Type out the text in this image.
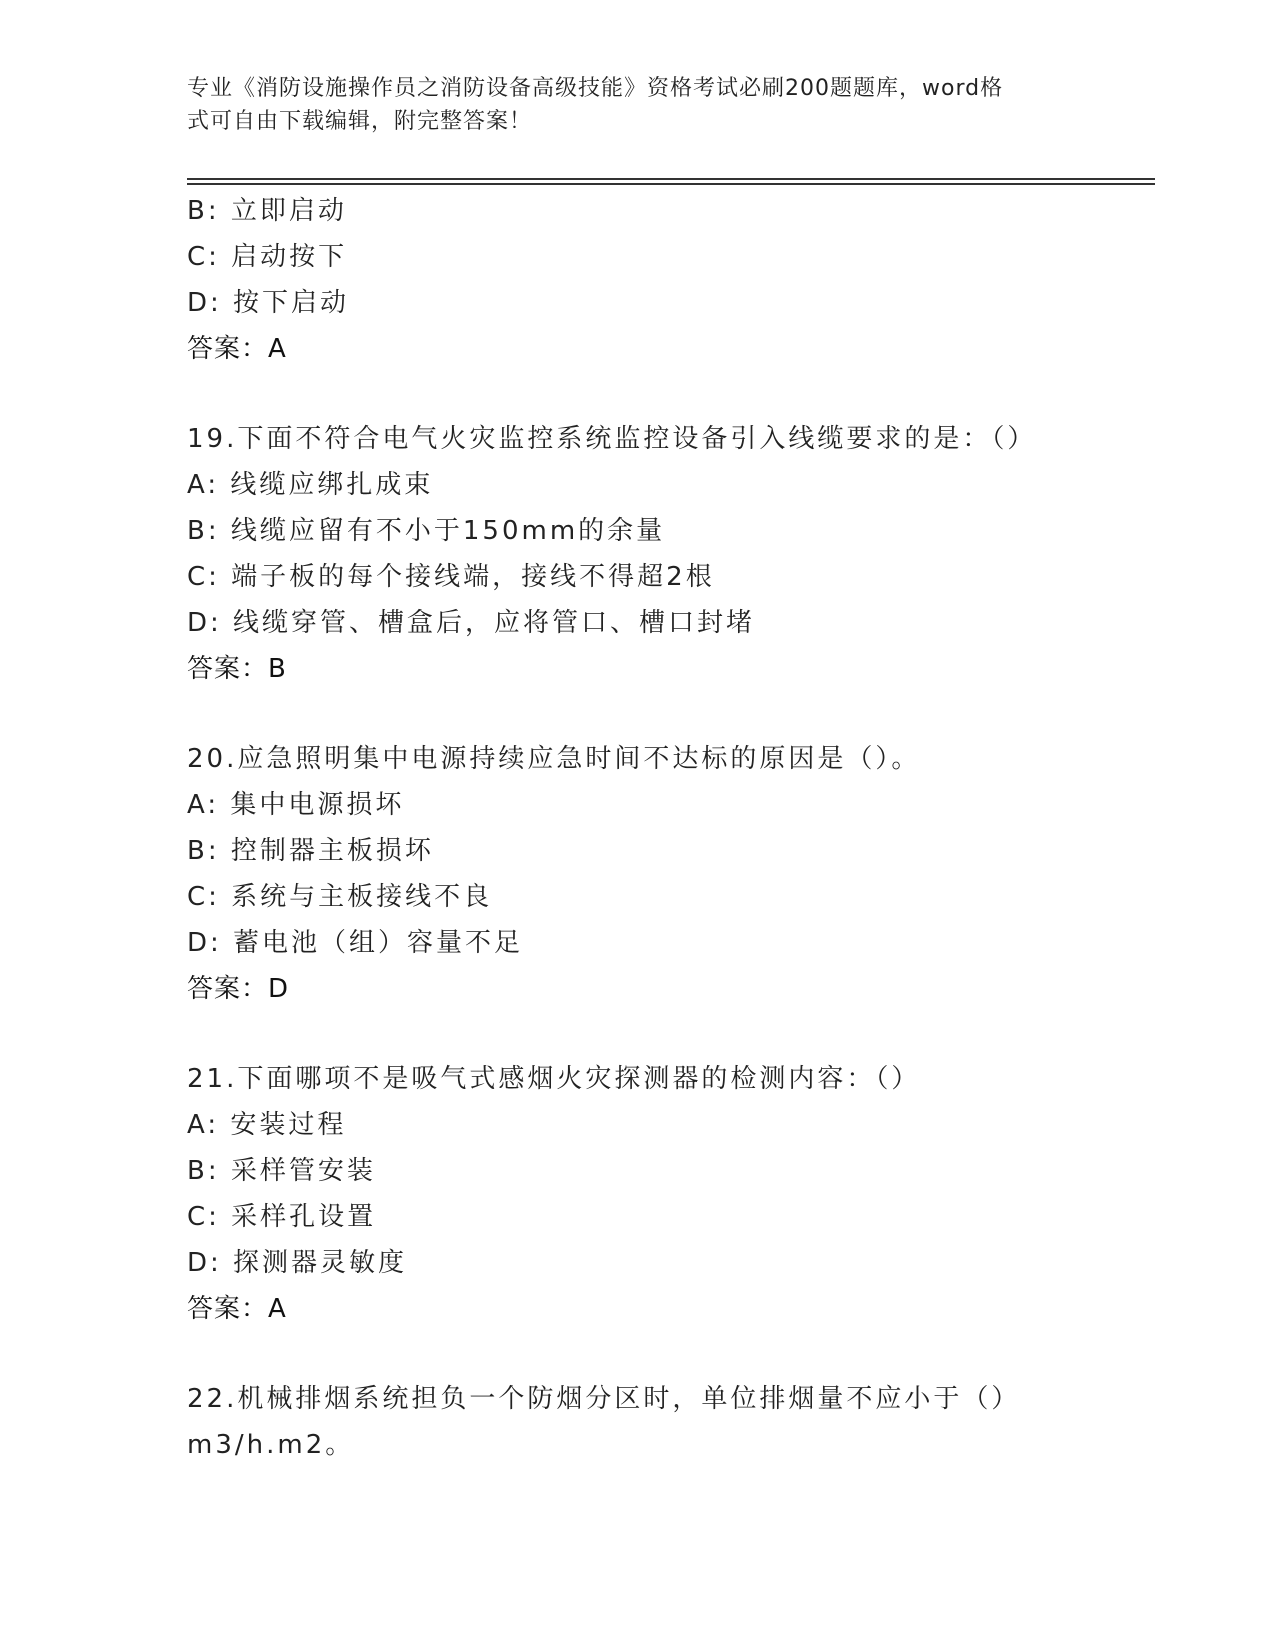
专业《消防设施操作员之消防设备高级技能》资格考试必刷200题题库，word格
式可自由下载编辑，附完整答案！
B: 立即启动
C: 启动按下
D: 按下启动
答案：A
19.下面不符合电气火灾监控系统监控设备引入线缆要求的是：（）
A: 线缆应绑扎成束
B: 线缆应留有不小于150mm的余量
C: 端子板的每个接线端，接线不得超2根
D: 线缆穿管、槽盒后，应将管口、槽口封堵
答案：B
20.应急照明集中电源持续应急时间不达标的原因是（）。
A: 集中电源损坏
B: 控制器主板损坏
C: 系统与主板接线不良
D: 蓄电池（组）容量不足
答案：D
21.下面哪项不是吸气式感烟火灾探测器的检测内容：（）
A: 安装过程
B: 采样管安装
C: 采样孔设置
D: 探测器灵敏度
答案：A
22.机械排烟系统担负一个防烟分区时，单位排烟量不应小于（）
m3/h.m2。
